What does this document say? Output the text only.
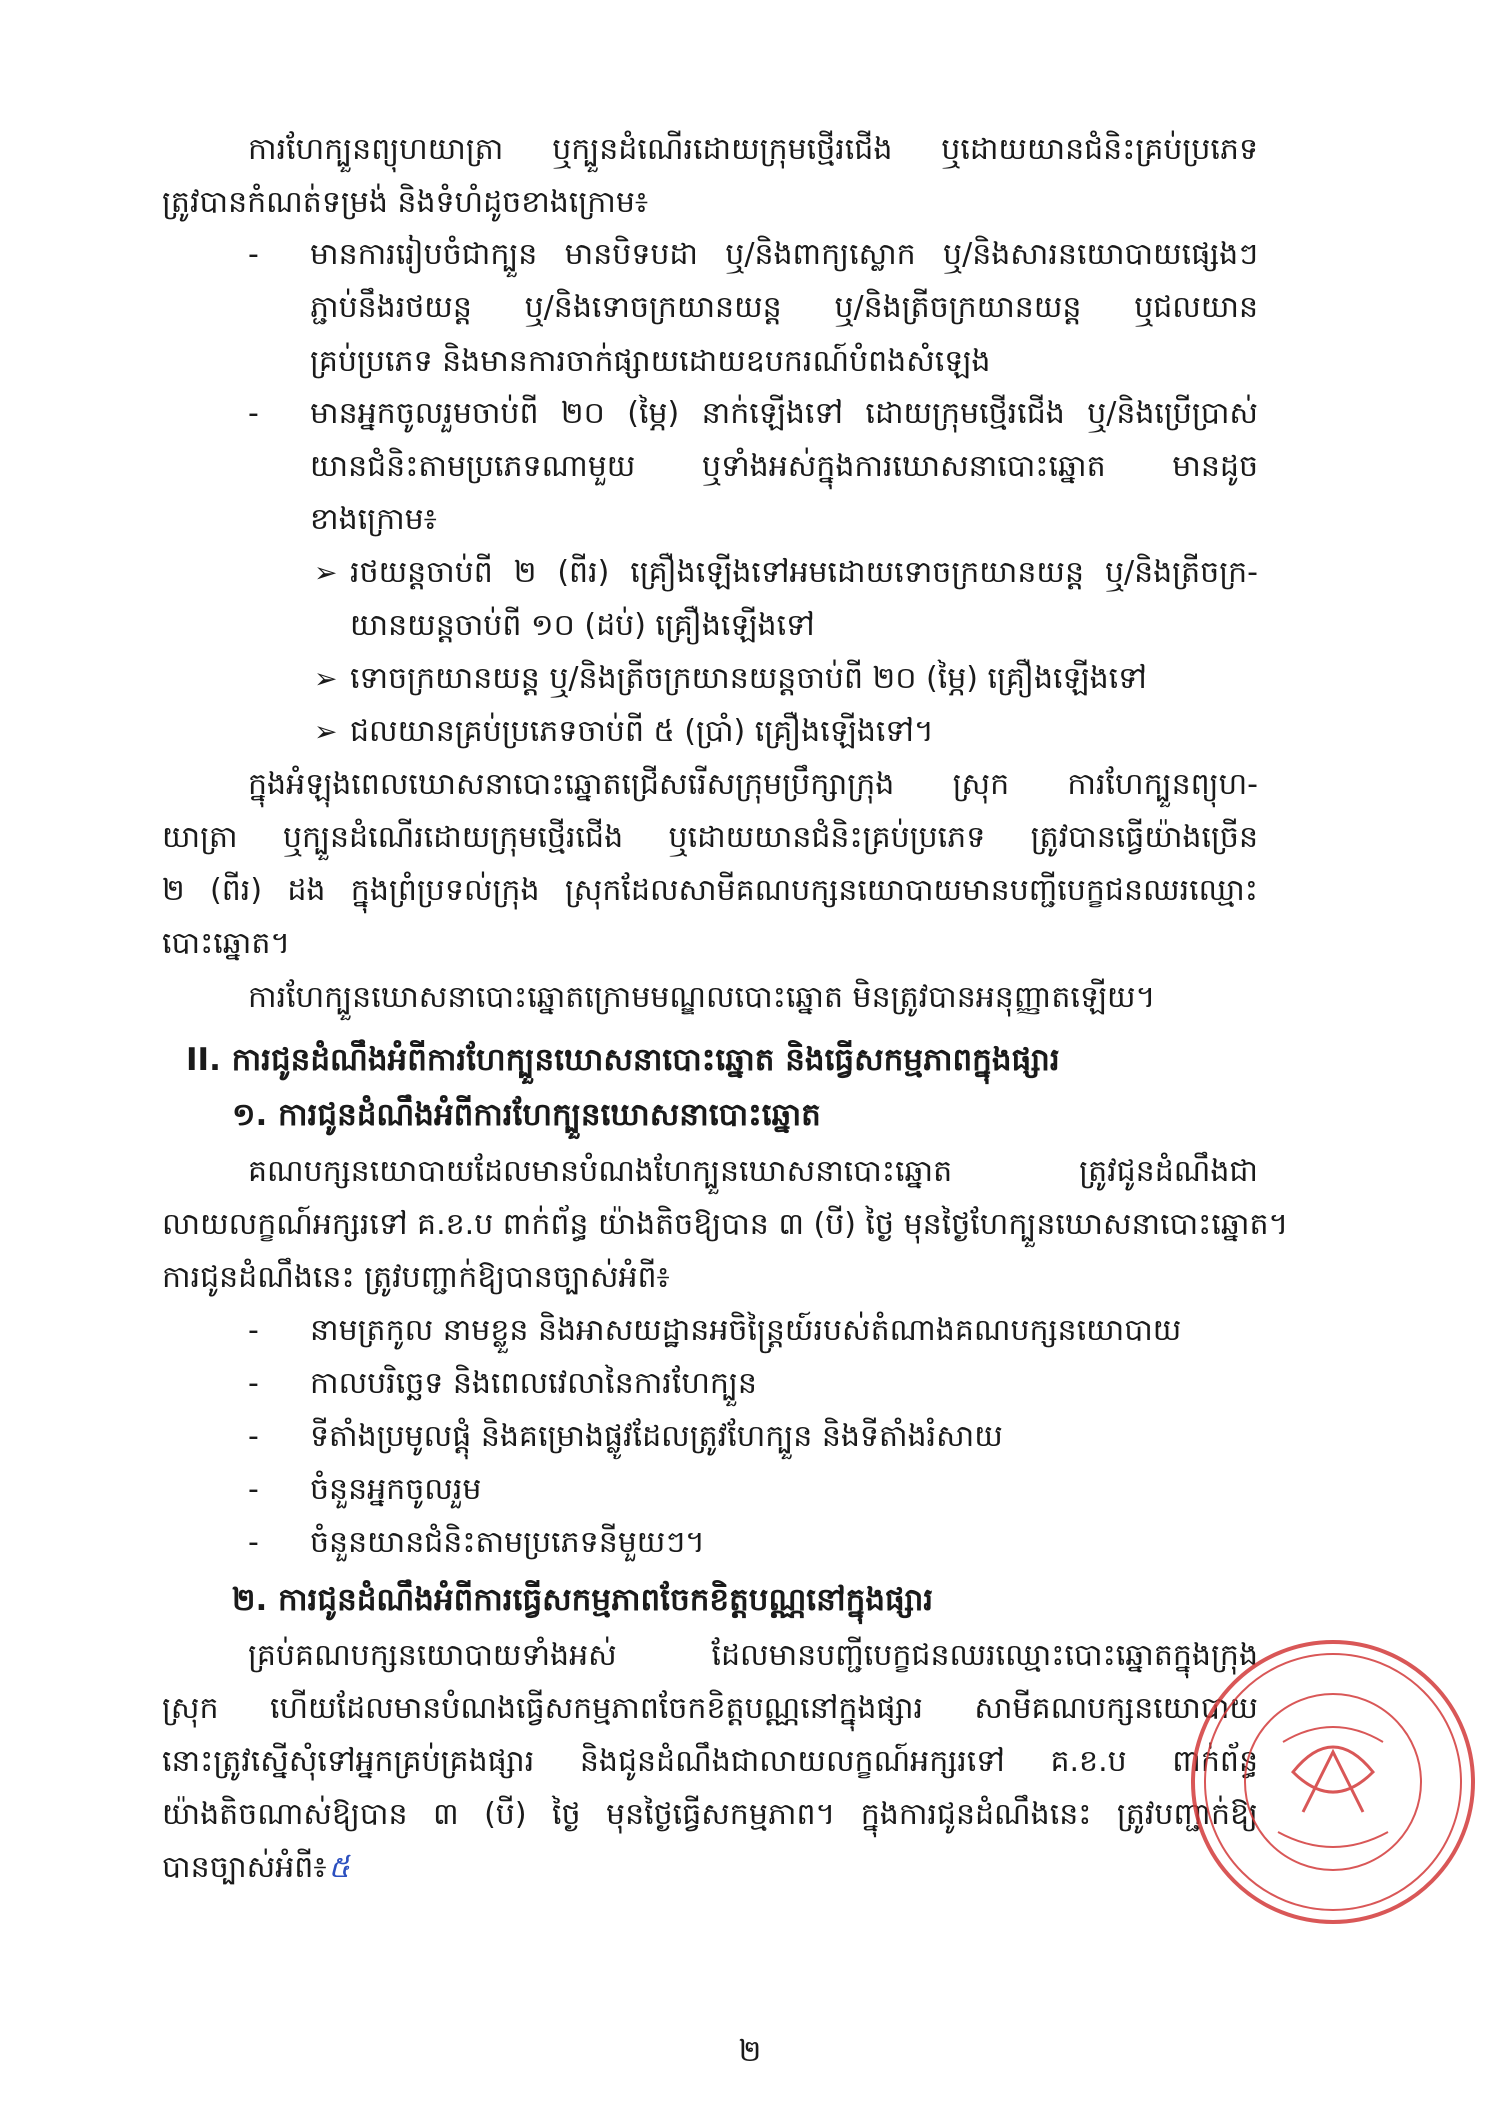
ការហែក្បួនព្យុហយាត្រា ឬក្បួនដំណើរដោយក្រុមថ្មើរជើង ឬដោយយានជំនិះគ្រប់ប្រភេទ
ត្រូវបានកំណត់ទម្រង់ និងទំហំដូចខាងក្រោម៖
- មានការរៀបចំជាក្បួន មានបិទបដា ឬ/និងពាក្យស្លោក ឬ/និងសារនយោបាយផ្សេងៗ
ភ្ជាប់នឹងរថយន្ត ឬ/និងទោចក្រយានយន្ត ឬ/និងត្រីចក្រយានយន្ត ឬជលយាន
គ្រប់ប្រភេទ និងមានការចាក់ផ្សាយដោយឧបករណ៍បំពងសំឡេង
- មានអ្នកចូលរួមចាប់ពី ២០ (ម្ភៃ) នាក់ឡើងទៅ ដោយក្រុមថ្មើរជើង ឬ/និងប្រើប្រាស់
យានជំនិះតាមប្រភេទណាមួយ ឬទាំងអស់ក្នុងការឃោសនាបោះឆ្នោត មានដូច
ខាងក្រោម៖
➢ រថយន្តចាប់ពី ២ (ពីរ) គ្រឿងឡើងទៅអមដោយទោចក្រយានយន្ត ឬ/និងត្រីចក្រ-
យានយន្តចាប់ពី ១០ (ដប់) គ្រឿងឡើងទៅ
➢ ទោចក្រយានយន្ត ឬ/និងត្រីចក្រយានយន្តចាប់ពី ២០ (ម្ភៃ) គ្រឿងឡើងទៅ
➢ ជលយានគ្រប់ប្រភេទចាប់ពី ៥ (ប្រាំ) គ្រឿងឡើងទៅ។
ក្នុងអំឡុងពេលឃោសនាបោះឆ្នោតជ្រើសរើសក្រុមប្រឹក្សាក្រុង ស្រុក ការហែក្បួនព្យុហ-
យាត្រា ឬក្បួនដំណើរដោយក្រុមថ្មើរជើង ឬដោយយានជំនិះគ្រប់ប្រភេទ ត្រូវបានធ្វើយ៉ាងច្រើន
២ (ពីរ) ដង ក្នុងព្រំប្រទល់ក្រុង ស្រុកដែលសាមីគណបក្សនយោបាយមានបញ្ជីបេក្ខជនឈរឈ្មោះ
បោះឆ្នោត។
ការហែក្បួនឃោសនាបោះឆ្នោតក្រោមមណ្ឌលបោះឆ្នោត មិនត្រូវបានអនុញ្ញាតឡើយ។
II. ការជូនដំណឹងអំពីការហែក្បួនឃោសនាបោះឆ្នោត និងធ្វើសកម្មភាពក្នុងផ្សារ
១. ការជូនដំណឹងអំពីការហែក្បួនឃោសនាបោះឆ្នោត
គណបក្សនយោបាយដែលមានបំណងហែក្បួនឃោសនាបោះឆ្នោត ត្រូវជូនដំណឹងជា
លាយលក្ខណ៍អក្សរទៅ គ.ខ.ប ពាក់ព័ន្ធ យ៉ាងតិចឱ្យបាន ៣ (បី) ថ្ងៃ មុនថ្ងៃហែក្បួនឃោសនាបោះឆ្នោត។
ការជូនដំណឹងនេះ ត្រូវបញ្ជាក់ឱ្យបានច្បាស់អំពី៖
- នាមត្រកូល នាមខ្លួន និងអាសយដ្ឋានអចិន្ត្រៃយ៍របស់តំណាងគណបក្សនយោបាយ
- កាលបរិច្ឆេទ និងពេលវេលានៃការហែក្បួន
- ទីតាំងប្រមូលផ្តុំ និងគម្រោងផ្លូវដែលត្រូវហែក្បួន និងទីតាំងរំសាយ
- ចំនួនអ្នកចូលរួម
- ចំនួនយានជំនិះតាមប្រភេទនីមួយៗ។
២. ការជូនដំណឹងអំពីការធ្វើសកម្មភាពចែកខិត្តបណ្ណនៅក្នុងផ្សារ
គ្រប់គណបក្សនយោបាយទាំងអស់ ដែលមានបញ្ជីបេក្ខជនឈរឈ្មោះបោះឆ្នោតក្នុងក្រុង
ស្រុក ហើយដែលមានបំណងធ្វើសកម្មភាពចែកខិត្តបណ្ណនៅក្នុងផ្សារ សាមីគណបក្សនយោបាយ
នោះត្រូវស្នើសុំទៅអ្នកគ្រប់គ្រងផ្សារ និងជូនដំណឹងជាលាយលក្ខណ៍អក្សរទៅ គ.ខ.ប ពាក់ព័ន្ធ
យ៉ាងតិចណាស់ឱ្យបាន ៣ (បី) ថ្ងៃ មុនថ្ងៃធ្វើសកម្មភាព។ ក្នុងការជូនដំណឹងនេះ ត្រូវបញ្ជាក់ឱ្យ
បានច្បាស់អំពី៖៥
២
